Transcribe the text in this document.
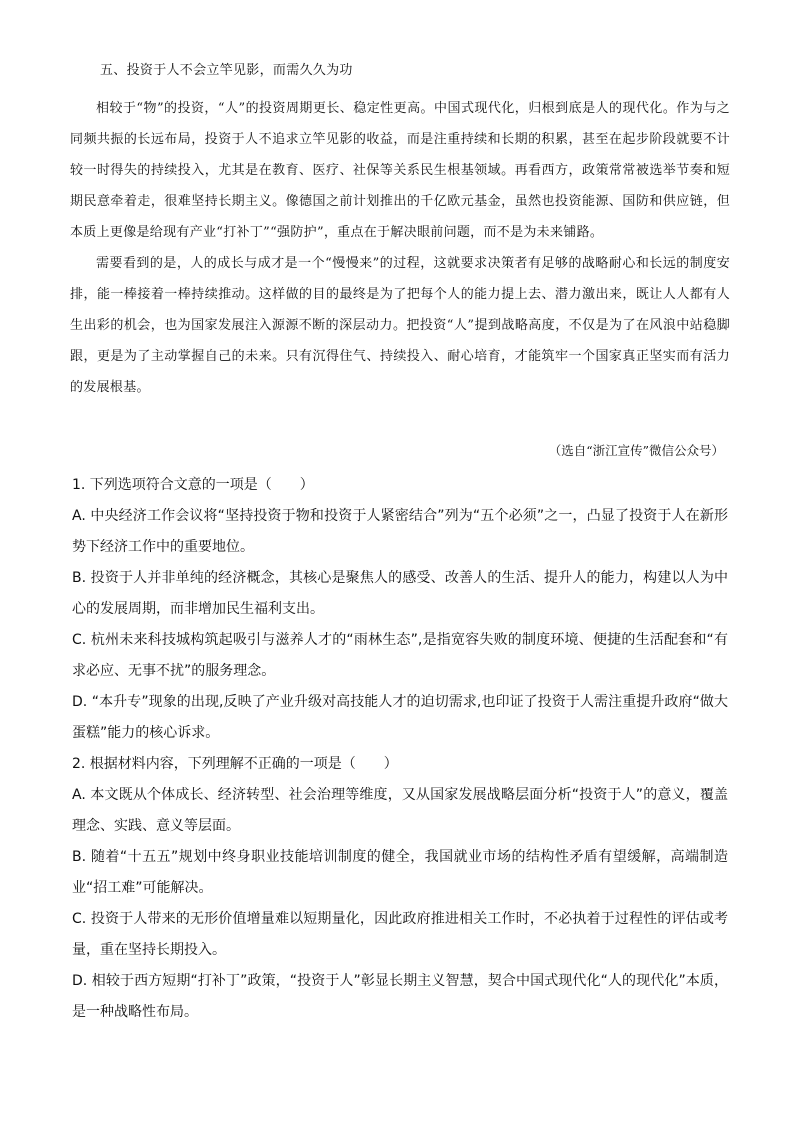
五、投资于人不会立竿见影，而需久久为功

相较于“物”的投资，“人”的投资周期更长、稳定性更高。中国式现代化，归根到底是人的现代化。作为与之同频共振的长远布局，投资于人不追求立竿见影的收益，而是注重持续和长期的积累，甚至在起步阶段就要不计较一时得失的持续投入，尤其是在教育、医疗、社保等关系民生根基领域。再看西方，政策常常被选举节奏和短期民意牵着走，很难坚持长期主义。像德国之前计划推出的千亿欧元基金，虽然也投资能源、国防和供应链，但本质上更像是给现有产业“打补丁”“强防护”，重点在于解决眼前问题，而不是为未来铺路。

需要看到的是，人的成长与成才是一个“慢慢来”的过程，这就要求决策者有足够的战略耐心和长远的制度安排，能一棒接着一棒持续推动。这样做的目的最终是为了把每个人的能力提上去、潜力激出来，既让人人都有人生出彩的机会，也为国家发展注入源源不断的深层动力。把投资“人”提到战略高度，不仅是为了在风浪中站稳脚跟，更是为了主动掌握自己的未来。只有沉得住气、持续投入、耐心培育，才能筑牢一个国家真正坚实而有活力的发展根基。

（选自“浙江宣传”微信公众号）
1. 下列选项符合文意的一项是（　　）
A. 中央经济工作会议将“坚持投资于物和投资于人紧密结合”列为“五个必须”之一，凸显了投资于人在新形势下经济工作中的重要地位。
B. 投资于人并非单纯的经济概念，其核心是聚焦人的感受、改善人的生活、提升人的能力，构建以人为中心的发展周期，而非增加民生福利支出。
C. 杭州未来科技城构筑起吸引与滋养人才的“雨林生态”,是指宽容失败的制度环境、便捷的生活配套和“有求必应、无事不扰”的服务理念。
D. “本升专”现象的出现,反映了产业升级对高技能人才的迫切需求,也印证了投资于人需注重提升政府“做大蛋糕”能力的核心诉求。
2. 根据材料内容，下列理解不正确的一项是（　　）
A. 本文既从个体成长、经济转型、社会治理等维度，又从国家发展战略层面分析“投资于人”的意义，覆盖理念、实践、意义等层面。
B. 随着“十五五”规划中终身职业技能培训制度的健全，我国就业市场的结构性矛盾有望缓解，高端制造业“招工难”可能解决。
C. 投资于人带来的无形价值增量难以短期量化，因此政府推进相关工作时，不必执着于过程性的评估或考量，重在坚持长期投入。
D. 相较于西方短期“打补丁”政策，“投资于人”彰显长期主义智慧，契合中国式现代化“人的现代化”本质，是一种战略性布局。
